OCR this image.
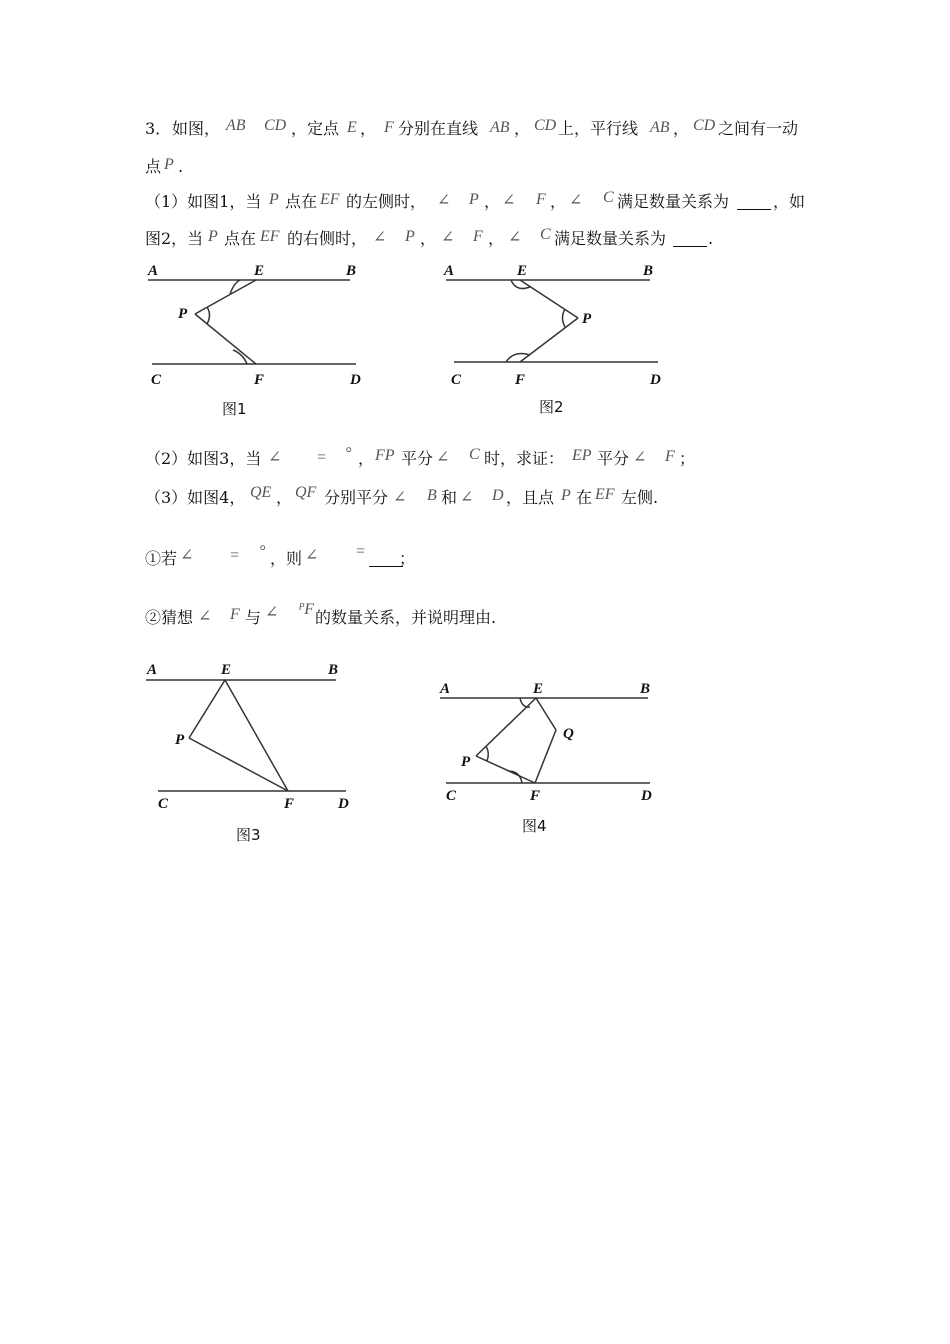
3． 如图， AB CD ，定点 E ， F 分别在直线 AB ， CD 上，平行线 AB ， CD 之间有一动
点 P .
（1）如图1，当 P 点在 EF 的左侧时， ∠ P ， ∠ F ， ∠ C 满足数量关系为	，如
图2，当 P 点在 EF 的右侧时， ∠ P ， ∠ F ， ∠ C 满足数量关系为	.
A	E	B
P
C	F	D
图1
A	E	B
P
C	F	D
图2
（2）如图3，当 ∠ = ° ， FP 平分 ∠ C 时，求证： EP 平分 ∠ F ；
（3）如图4， QE ， QF 分别平分 ∠ B 和 ∠ D ，且点 P 在 EF 左侧.
①若 ∠ = ° ，则 ∠ = ；
②猜想 ∠ F 与 ∠ ᴾF 的数量关系，并说明理由.
A	E	B
P
C	F	D
图3
A	E	B
Q
P
C	F	D
图4
